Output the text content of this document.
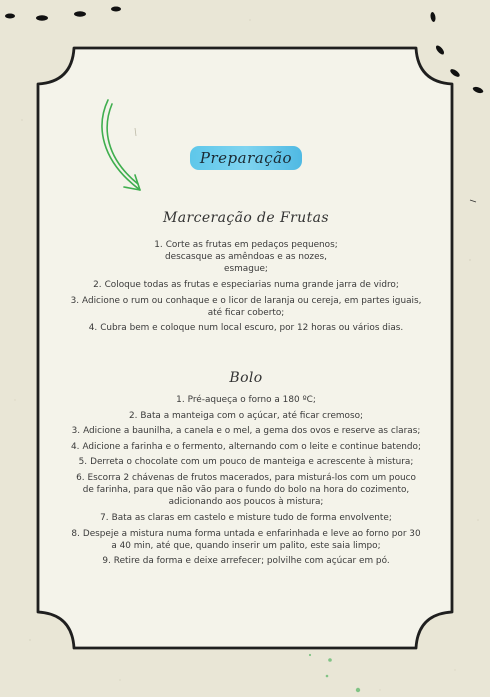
Preparação
Marceração de Frutas
1. Corte as frutas em pedaços pequenos; descasque as amêndoas e as nozes, esmague;
2. Coloque todas as frutas e especiarias numa grande jarra de vidro;
3. Adicione o rum ou conhaque e o licor de laranja ou cereja, em partes iguais, até ficar coberto;
4. Cubra bem e coloque num local escuro, por 12 horas ou vários dias.
Bolo
1. Pré-aqueça o forno a 180 ºC;
2. Bata a manteiga com o açúcar, até ficar cremoso;
3. Adicione a baunilha, a canela e o mel, a gema dos ovos e reserve as claras;
4. Adicione a farinha e o fermento, alternando com o leite e continue batendo;
5. Derreta o chocolate com um pouco de manteiga e acrescente à mistura;
6. Escorra 2 chávenas de frutos macerados, para misturá-los com um pouco de farinha, para que não vão para o fundo do bolo na hora do cozimento, adicionando aos poucos à mistura;
7. Bata as claras em castelo e misture tudo de forma envolvente;
8. Despeje a mistura numa forma untada e enfarinhada e leve ao forno por 30 a 40 min, até que, quando inserir um palito, este saia limpo;
9. Retire da forma e deixe arrefecer; polvilhe com açúcar em pó.
